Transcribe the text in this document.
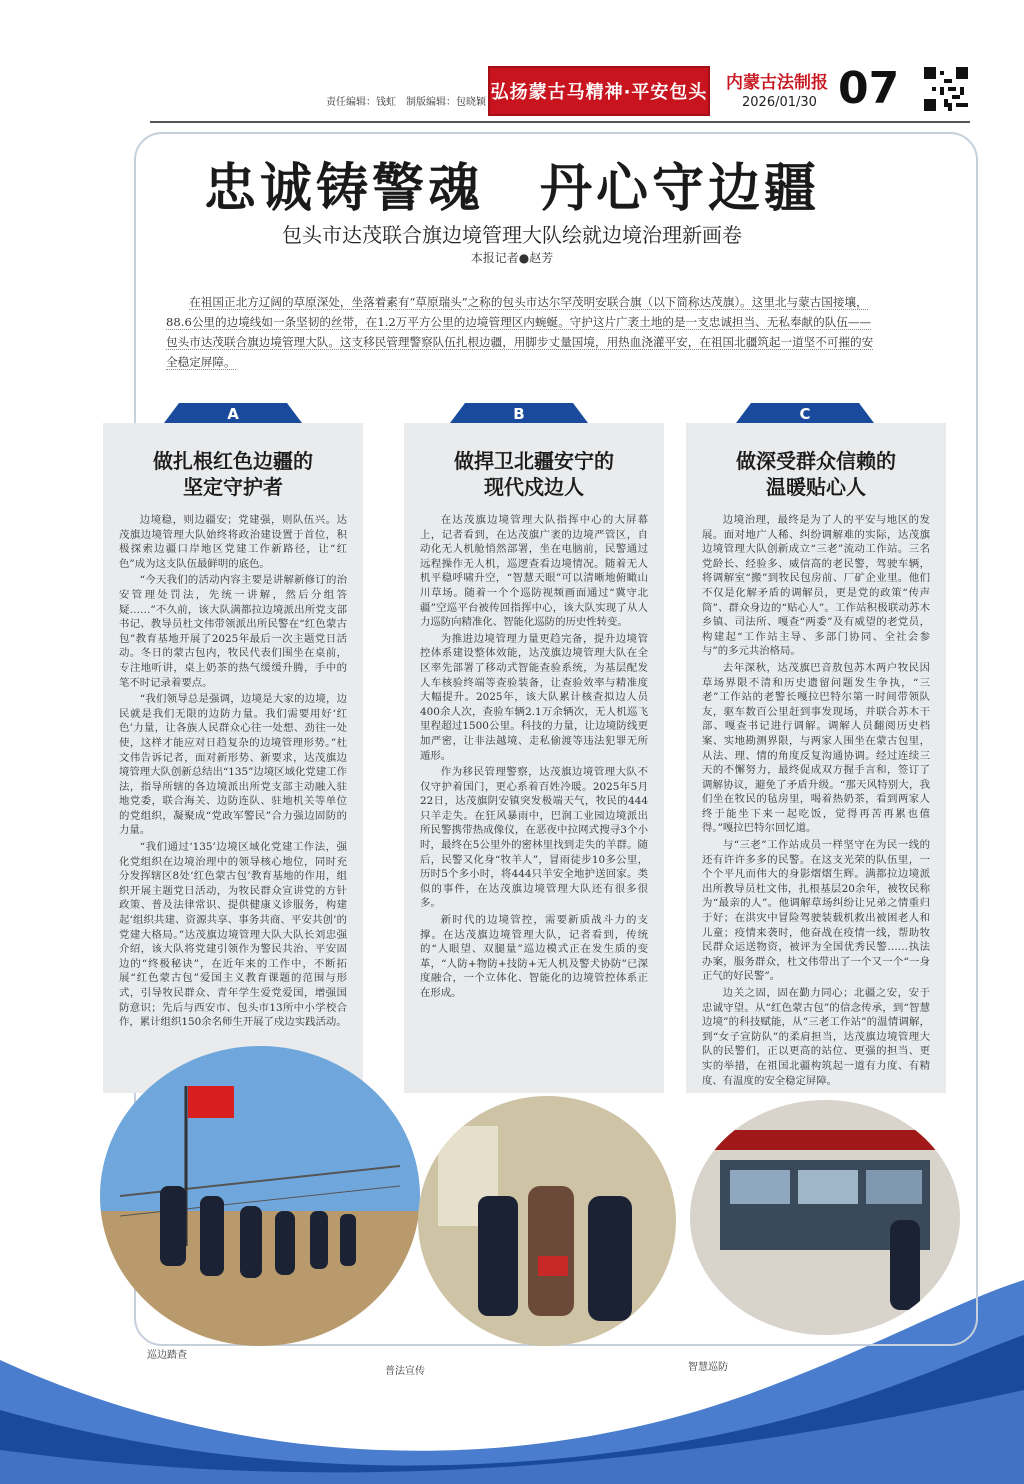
责任编辑：钱虹　制版编辑：包晓颖 弘扬蒙古马精神·平安包头 内蒙古法制报
2026/01/30 07
忠诚铸警魂　丹心守边疆
包头市达茂联合旗边境管理大队绘就边境治理新画卷
本报记者●赵芳
在祖国正北方辽阔的草原深处，坐落着素有“草原瑞头”之称的包头市达尔罕茂明安联合旗（以下简称达茂旗）。这里北与蒙古国接壤，88.6公里的边境线如一条坚韧的丝带，在1.2万平方公里的边境管理区内蜿蜒。守护这片广袤土地的是一支忠诚担当、无私奉献的队伍——包头市达茂联合旗边境管理大队。这支移民管理警察队伍扎根边疆，用脚步丈量国境，用热血浇灌平安，在祖国北疆筑起一道坚不可摧的安全稳定屏障。
A
做扎根红色边疆的
坚定守护者

边境稳，则边疆安；党建强，则队伍兴。达茂旗边境管理大队始终将政治建设置于首位，积极探索边疆口岸地区党建工作新路径，让“红色”成为这支队伍最鲜明的底色。

“今天我们的活动内容主要是讲解新修订的治安管理处罚法，先统一讲解，然后分组答疑……”不久前，该大队满都拉边境派出所党支部书记、教导员杜文伟带领派出所民警在“红色蒙古包”教育基地开展了2025年最后一次主题党日活动。冬日的蒙古包内，牧民代表们围坐在桌前，专注地听讲，桌上奶茶的热气缓缓升腾，手中的笔不时记录着要点。

“我们领导总是强调，边境是大家的边境，边民就是我们无限的边防力量。我们需要用好‘红色’力量，让各族人民群众心往一处想、劲往一处使，这样才能应对日趋复杂的边境管理形势。”杜文伟告诉记者，面对新形势、新要求，达茂旗边境管理大队创新总结出“135”边境区域化党建工作法，指导所辖的各边境派出所党支部主动融入驻地党委，联合海关、边防连队、驻地机关等单位的党组织，凝聚成“党政军警民”合力强边固防的力量。

“我们通过‘135’边境区域化党建工作法，强化党组织在边境治理中的领导核心地位，同时充分发挥辖区8处‘红色蒙古包’教育基地的作用，组织开展主题党日活动，为牧民群众宣讲党的方针政策、普及法律常识、提供健康义诊服务，构建起‘组织共建、资源共享、事务共商、平安共创’的党建大格局。”达茂旗边境管理大队大队长刘忠强介绍，该大队将党建引领作为警民共治、平安固边的“终极秘诀”，在近年来的工作中，不断拓展“红色蒙古包”爱国主义教育课题的范围与形式，引导牧民群众、青年学生爱党爱国，增强国防意识；先后与西安市、包头市13所中小学校合作，累计组织150余名师生开展了戍边实践活动。

B
做捍卫北疆安宁的
现代戍边人

在达茂旗边境管理大队指挥中心的大屏幕上，记者看到，在达茂旗广袤的边境严管区，自动化无人机舱悄然部署，坐在电脑前，民警通过远程操作无人机，巡逻查看边境情况。随着无人机平稳呼啸升空，“智慧天眼”可以清晰地俯瞰山川草场。随着一个个巡防视频画面通过“冀守北疆”空巡平台被传回指挥中心，该大队实现了从人力巡防向精准化、智能化巡防的历史性转变。

为推进边境管理力量更趋完备，提升边境管控体系建设整体效能，达茂旗边境管理大队在全区率先部署了移动式智能查验系统，为基层配发人车核验终端等查验装备，让查验效率与精准度大幅提升。2025年，该大队累计核查拟边人员400余人次，查验车辆2.1万余辆次，无人机巡飞里程超过1500公里。科技的力量，让边境防线更加严密，让非法越境、走私偷渡等违法犯罪无所遁形。

作为移民管理警察，达茂旗边境管理大队不仅守护着国门，更心系着百姓冷暖。2025年5月22日，达茂旗阴安镇突发极端天气，牧民的444只羊走失。在狂风暴雨中，巴润工业园边境派出所民警携带热成像仪，在恶夜中拉网式搜寻3个小时，最终在5公里外的密林里找到走失的羊群。随后，民警又化身“牧羊人”，冒雨徒步10多公里，历时5个多小时，将444只羊安全地护送回家。类似的事件，在达茂旗边境管理大队还有很多很多。

新时代的边境管控，需要新质战斗力的支撑。在达茂旗边境管理大队，记者看到，传统的“人眼望、双腿量”巡边模式正在发生质的变革，“人防+物防+技防+无人机及警犬协防”已深度融合，一个立体化、智能化的边境管控体系正在形成。

C
做深受群众信赖的
温暖贴心人

边境治理，最终是为了人的平安与地区的发展。面对地广人稀、纠纷调解难的实际，达茂旗边境管理大队创新成立“三老”流动工作站。三名党龄长、经验多、威信高的老民警，驾驶车辆，将调解室“搬”到牧民包房前、厂矿企业里。他们不仅是化解矛盾的调解员，更是党的政策“传声筒”、群众身边的“贴心人”。工作站积极联动苏木乡镇、司法所、嘎查“两委”及有威望的老党员，构建起“工作站主导、多部门协同、全社会参与”的多元共治格局。

去年深秋，达茂旗巴音敖包苏木两户牧民因草场界限不清和历史遗留问题发生争执，“三老”工作站的老警长嘎拉巴特尔第一时间带领队友，驱车数百公里赶到事发现场，并联合苏木干部、嘎查书记进行调解。调解人员翻阅历史档案、实地勘测界限，与两家人围坐在蒙古包里，从法、理、情的角度反复沟通协调。经过连续三天的不懈努力，最终促成双方握手言和，签订了调解协议，避免了矛盾升级。“那天风特别大，我们坐在牧民的毡房里，喝着热奶茶，看到两家人终于能坐下来一起吃饭，觉得再苦再累也值得。”嘎拉巴特尔回忆道。

与“三老”工作站成员一样坚守在为民一线的还有许许多多的民警。在这支光荣的队伍里，一个个平凡而伟大的身影熠熠生辉。满都拉边境派出所教导员杜文伟，扎根基层20余年，被牧民称为“最亲的人”。他调解草场纠纷让兄弟之情重归于好；在洪灾中冒险驾驶装载机救出被困老人和儿童；疫情来袭时，他奋战在疫情一线，帮助牧民群众运送物资，被评为全国优秀民警……执法办案，服务群众，杜文伟带出了一个又一个“一身正气的好民警”。

边关之固，固在勤力同心；北疆之安，安于忠诚守望。从“红色蒙古包”的信念传承，到“智慧边境”的科技赋能，从“三老工作站”的温情调解，到“女子宣防队”的柔肩担当，达茂旗边境管理大队的民警们，正以更高的站位、更强的担当、更实的举措，在祖国北疆构筑起一道有力度、有精度、有温度的安全稳定屏障。

巡边踏查
普法宣传	智慧巡防
